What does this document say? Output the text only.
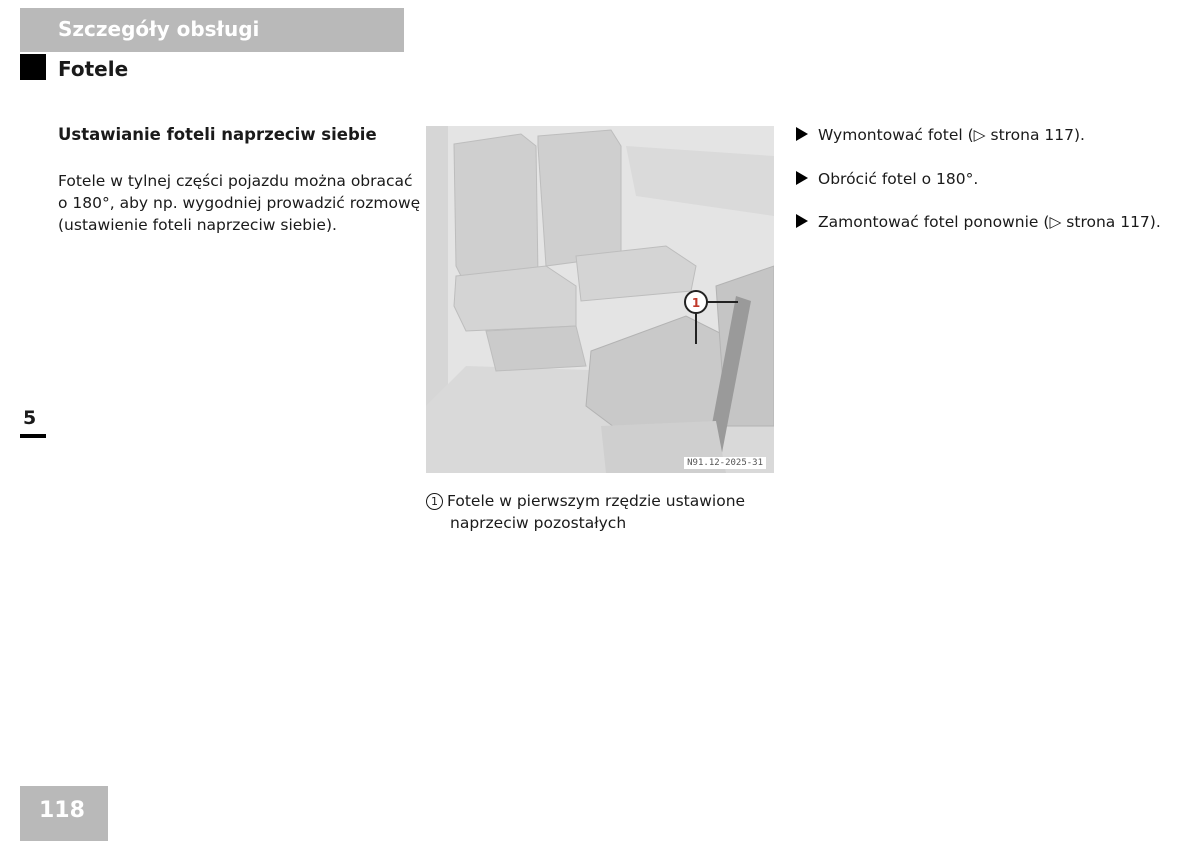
Szczegóły obsługi
Fotele
Ustawianie foteli naprzeciw siebie
Fotele w tylnej części pojazdu można obracać
o 180°, aby np. wygodniej prowadzić rozmowę
(ustawienie foteli naprzeciw siebie).
1
N91.12-2025-31
1 Fotele w pierwszym rzędzie ustawione
naprzeciw pozostałych
Wymontować fotel (▷ strona 117).
Obrócić fotel o 180°.
Zamontować fotel ponownie (▷ strona 117).
5
118
